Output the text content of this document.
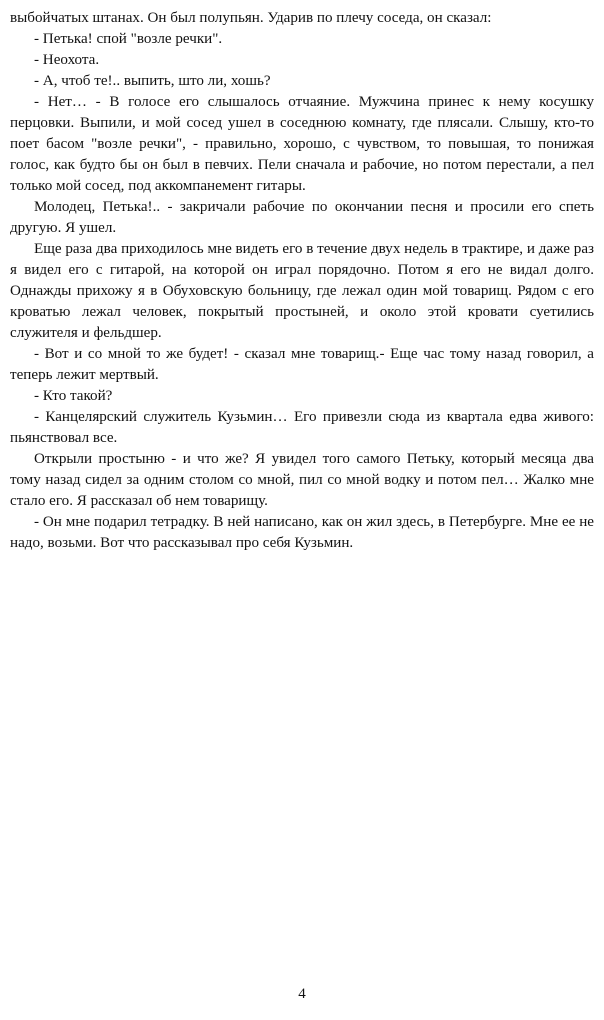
выбойчатых штанах. Он был полупьян. Ударив по плечу соседа, он сказал:

- Петька! спой "возле речки".

- Неохота.

- А, чтоб те!.. выпить, што ли, хошь?

- Нет… - В голосе его слышалось отчаяние. Мужчина принес к нему косушку перцовки. Выпили, и мой сосед ушел в соседнюю комнату, где плясали. Слышу, кто-то поет басом "возле речки", - правильно, хорошо, с чувством, то повышая, то понижая голос, как будто бы он был в певчих. Пели сначала и рабочие, но потом перестали, а пел только мой сосед, под аккомпанемент гитары.

Молодец, Петька!.. - закричали рабочие по окончании песня и просили его спеть другую. Я ушел.

Еще раза два приходилось мне видеть его в течение двух недель в трактире, и даже раз я видел его с гитарой, на которой он играл порядочно. Потом я его не видал долго. Однажды прихожу я в Обуховскую больницу, где лежал один мой товарищ. Рядом с его кроватью лежал человек, покрытый простыней, и около этой кровати суетились служителя и фельдшер.

- Вот и со мной то же будет! - сказал мне товарищ.- Еще час тому назад говорил, а теперь лежит мертвый.

- Кто такой?

- Канцелярский служитель Кузьмин… Его привезли сюда из квартала едва живого: пьянствовал все.

Открыли простыню - и что же? Я увидел того самого Петьку, который месяца два тому назад сидел за одним столом со мной, пил со мной водку и потом пел… Жалко мне стало его. Я рассказал об нем товарищу.

- Он мне подарил тетрадку. В ней написано, как он жил здесь, в Петербурге. Мне ее не надо, возьми. Вот что рассказывал про себя Кузьмин.

4
